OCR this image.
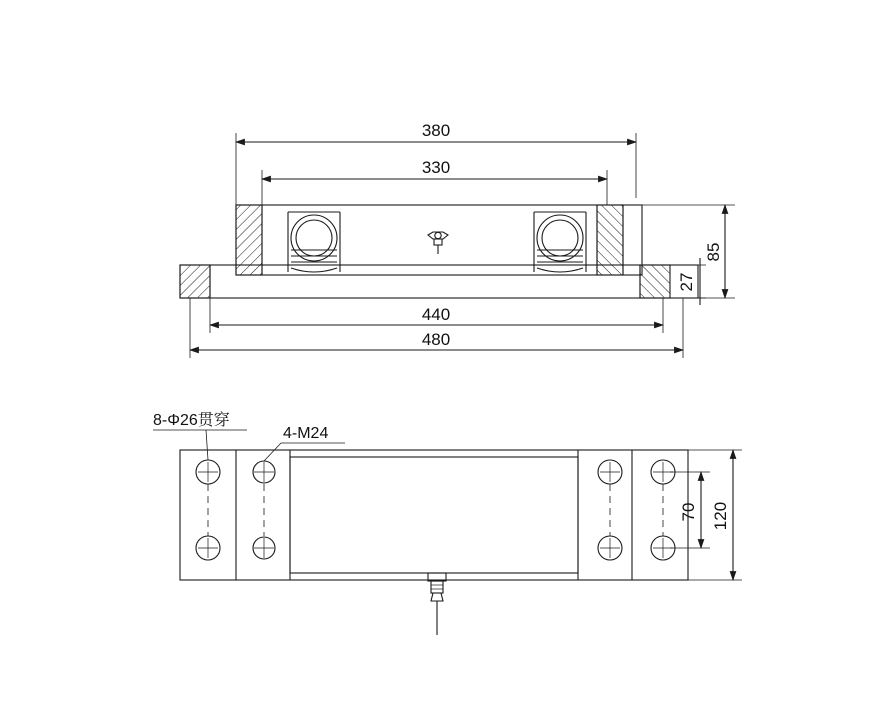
380
330
440
480
85
27
8-Φ26贯穿
4-M24
120
70
